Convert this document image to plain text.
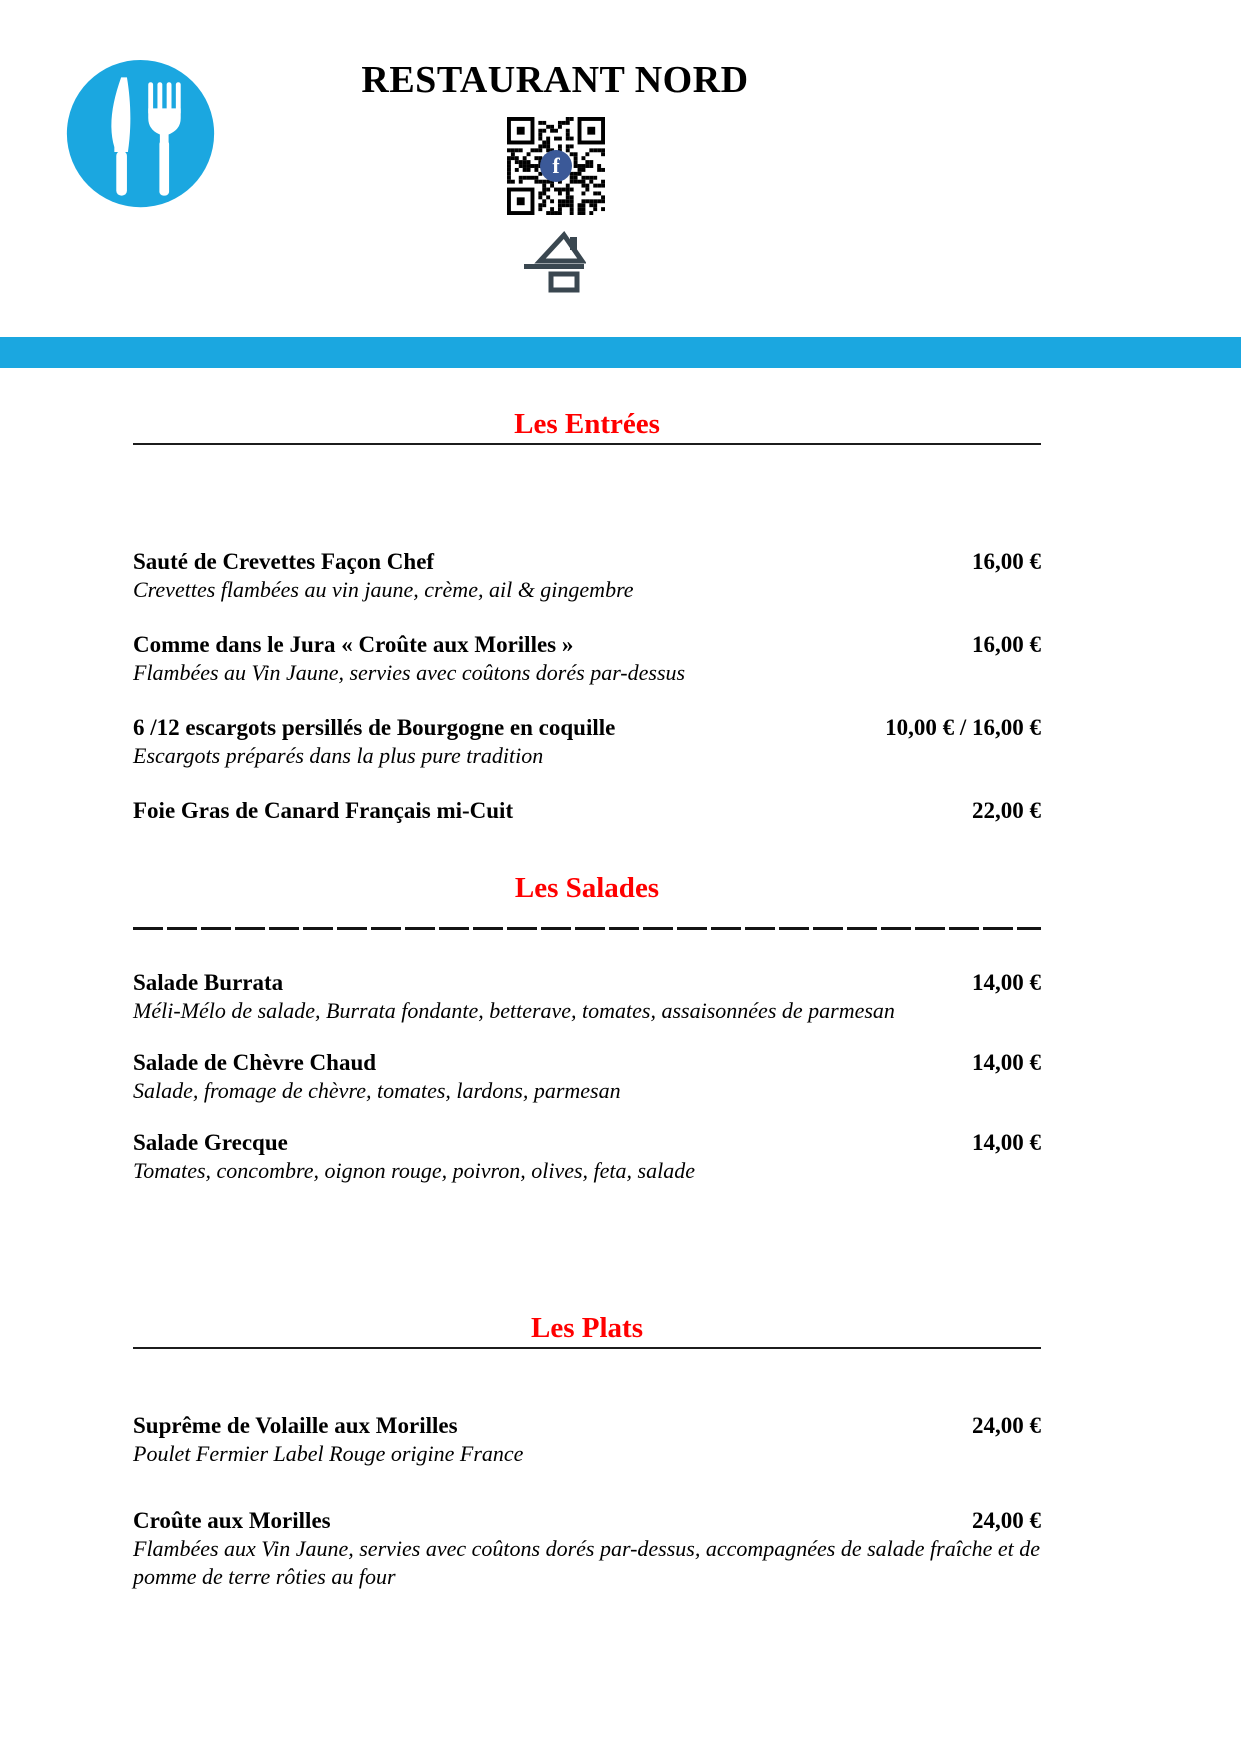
RESTAURANT NORD
f
Les Entrées
Sauté de Crevettes Façon Chef	16,00 €
Crevettes flambées au vin jaune, crème, ail & gingembre
Comme dans le Jura « Croûte aux Morilles »	16,00 €
Flambées au Vin Jaune, servies avec coûtons dorés par-dessus
6 /12 escargots persillés de Bourgogne en coquille	10,00 € / 16,00 €
Escargots préparés dans la plus pure tradition
Foie Gras de Canard Français mi-Cuit	22,00 €
Les Salades
Salade Burrata	14,00 €
Méli-Mélo de salade, Burrata fondante, betterave, tomates, assaisonnées de parmesan
Salade de Chèvre Chaud	14,00 €
Salade, fromage de chèvre, tomates, lardons, parmesan
Salade Grecque	14,00 €
Tomates, concombre, oignon rouge, poivron, olives, feta, salade
Les Plats
Suprême de Volaille aux Morilles	24,00 €
Poulet Fermier Label Rouge origine France
Croûte aux Morilles	24,00 €
Flambées aux Vin Jaune, servies avec coûtons dorés par-dessus, accompagnées de salade fraîche et de pomme de terre rôties au four
